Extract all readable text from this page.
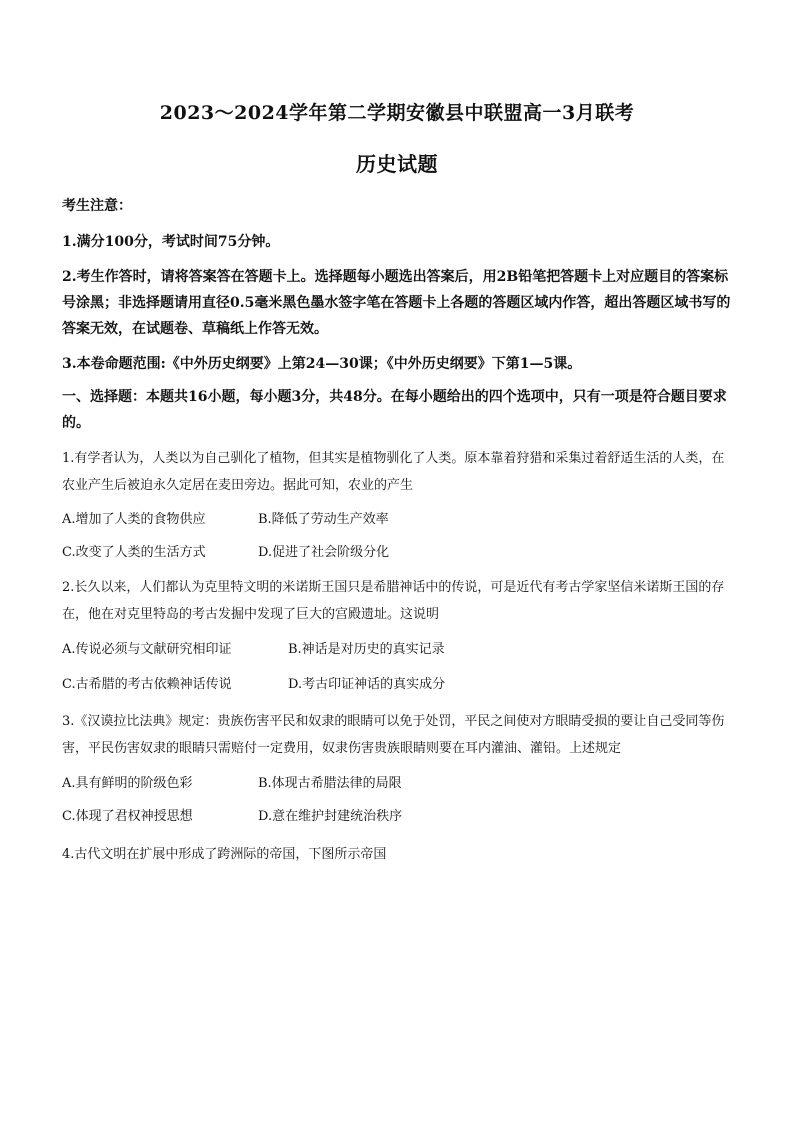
2023～2024学年第二学期安徽县中联盟高一3月联考
历史试题
考生注意：
1.满分100分，考试时间75分钟。
2.考生作答时，请将答案答在答题卡上。选择题每小题选出答案后，用2B铅笔把答题卡上对应题目的答案标号涂黑；非选择题请用直径0.5毫米黑色墨水签字笔在答题卡上各题的答题区域内作答，超出答题区域书写的答案无效，在试题卷、草稿纸上作答无效。
3.本卷命题范围:《中外历史纲要》上第24—30课；《中外历史纲要》下第1—5课。
一、选择题：本题共16小题，每小题3分，共48分。在每小题给出的四个选项中，只有一项是符合题目要求的。
1.有学者认为，人类以为自己驯化了植物，但其实是植物驯化了人类。原本靠着狩猎和采集过着舒适生活的人类，在农业产生后被迫永久定居在麦田旁边。据此可知，农业的产生
A.增加了人类的食物供应	B.降低了劳动生产效率
C.改变了人类的生活方式	D.促进了社会阶级分化
2.长久以来，人们都认为克里特文明的米诺斯王国只是希腊神话中的传说，可是近代有考古学家坚信米诺斯王国的存在，他在对克里特岛的考古发掘中发现了巨大的宫殿遗址。这说明
A.传说必须与文献研究相印证	B.神话是对历史的真实记录
C.古希腊的考古依赖神话传说	D.考古印证神话的真实成分
3.《汉谟拉比法典》规定：贵族伤害平民和奴隶的眼睛可以免于处罚，平民之间使对方眼睛受损的要让自己受同等伤害，平民伤害奴隶的眼睛只需赔付一定费用，奴隶伤害贵族眼睛则要在耳内灌油、灌铅。上述规定
A.具有鲜明的阶级色彩	B.体现古希腊法律的局限
C.体现了君权神授思想	D.意在维护封建统治秩序
4.古代文明在扩展中形成了跨洲际的帝国，下图所示帝国
